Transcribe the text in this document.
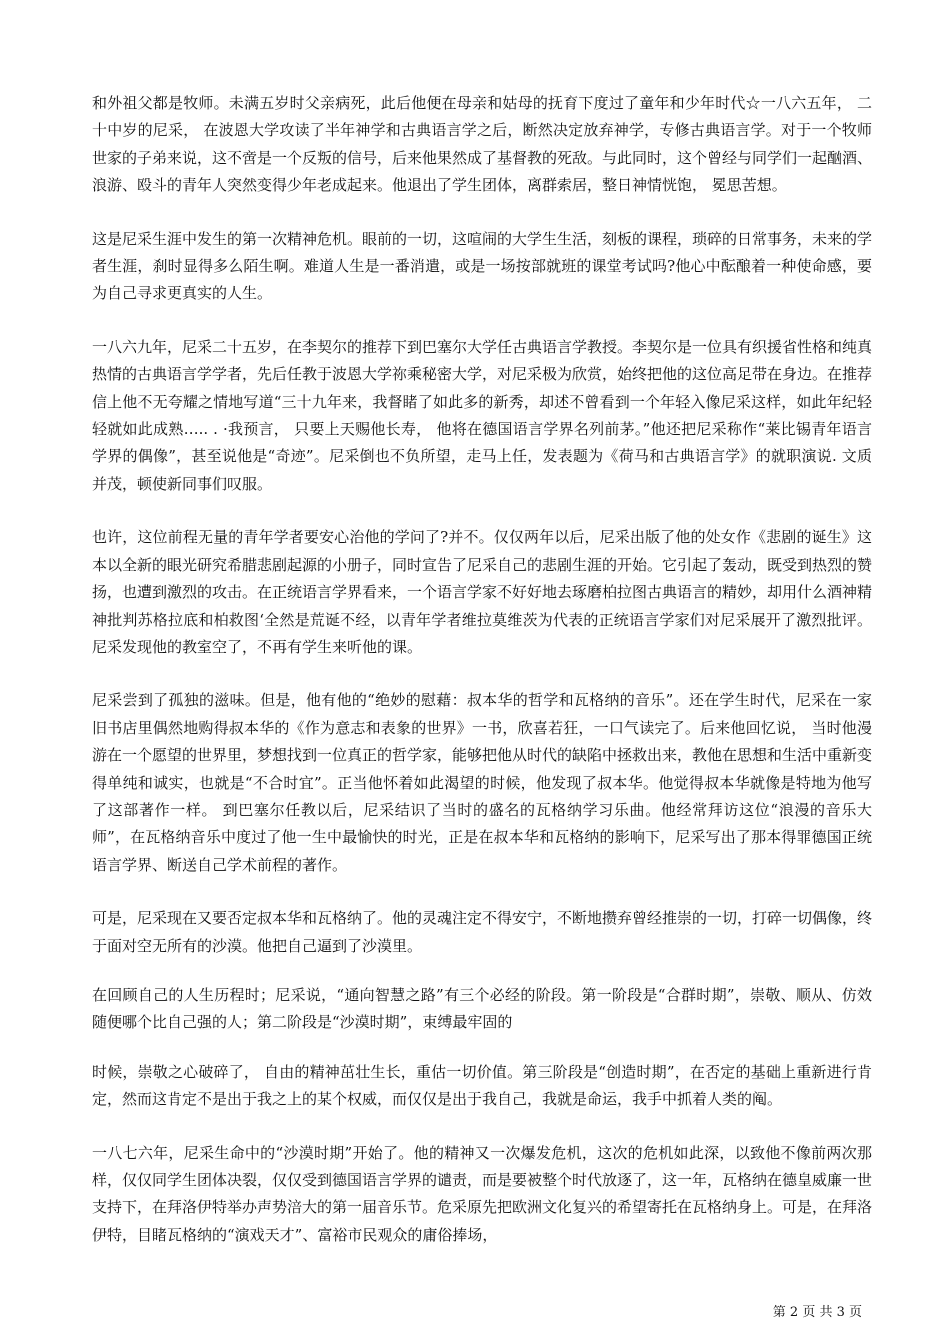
和外祖父都是牧师。未满五岁时父亲病死，此后他便在母亲和姑母的抚育下度过了童年和少年时代☆一八六五年， 二十中岁的尼采， 在波恩大学攻读了半年神学和古典语言学之后，断然决定放弃神学，专修古典语言学。对于一个牧师世家的子弟来说，这不啻是一个反叛的信号，后来他果然成了基督教的死敌。与此同时，这个曾经与同学们一起酗酒、浪游、殴斗的青年人突然变得少年老成起来。他退出了学生团体，离群索居，整日神情恍饱， 冕思苦想。

这是尼采生涯中发生的第一次精神危机。眼前的一切，这喧闹的大学生生活，刻板的课程，琐碎的日常事务，未来的学者生涯，刹时显得多么陌生啊。难道人生是一番消遣，或是一场按部就班的课堂考试吗?他心中酝酿着一种使命感，要为自己寻求更真实的人生。

一八六九年，尼采二十五岁，在李契尔的推荐下到巴塞尔大学任古典语言学教授。李契尔是一位具有织援省性格和纯真热情的古典语言学学者，先后任教于波恩大学祢乘秘密大学，对尼采极为欣赏，始终把他的这位高足带在身边。在推荐信上他不无夸耀之情地写道“三十九年来，我督睹了如此多的新秀，却述不曾看到一个年轻入像尼采这样，如此年纪轻轻就如此成熟….. . ·我预言， 只要上天赐他长寿， 他将在德国语言学界名列前茅。”他还把尼采称作“莱比锡青年语言学界的偶像”，甚至说他是“奇迹”。尼采倒也不负所望，走马上任，发表题为《荷马和古典语言学》的就职演说. 文质并茂，顿使新同事们叹服。

也许，这位前程无量的青年学者要安心治他的学问了?并不。仅仅两年以后，尼采出版了他的处女作《悲剧的诞生》这本以全新的眼光研究希腊悲剧起源的小册子，同时宣告了尼采自己的悲剧生涯的开始。它引起了轰动，既受到热烈的赞扬，也遭到激烈的攻击。在正统语言学界看来，一个语言学家不好好地去琢磨柏拉图古典语言的精妙，却用什么酒神精神批判苏格拉底和柏救图‘全然是荒诞不经，以青年学者维拉莫维茨为代表的正统语言学家们对尼采展开了激烈批评。尼采发现他的教室空了，不再有学生来听他的课。

尼采尝到了孤独的滋味。但是，他有他的“绝妙的慰藉：叔本华的哲学和瓦格纳的音乐”。还在学生时代，尼采在一家旧书店里偶然地购得叔本华的《作为意志和表象的世界》一书，欣喜若狂，一口气读完了。后来他回忆说， 当时他漫游在一个愿望的世界里，梦想找到一位真正的哲学家，能够把他从时代的缺陷中拯救出来，教他在思想和生活中重新变得单纯和诚实，也就是“不合时宜”。正当他怀着如此渴望的时候，他发现了叔本华。他觉得叔本华就像是特地为他写了这部著作一样。 到巴塞尔任教以后，尼采结识了当时的盛名的瓦格纳学习乐曲。他经常拜访这位“浪漫的音乐大师”，在瓦格纳音乐中度过了他一生中最愉快的时光，正是在叔本华和瓦格纳的影响下，尼采写出了那本得罪德国正统语言学界、断送自己学术前程的著作。

可是，尼采现在又要否定叔本华和瓦格纳了。他的灵魂注定不得安宁，不断地攒弃曾经推崇的一切，打碎一切偶像，终于面对空无所有的沙漠。他把自己逼到了沙漠里。

在回顾自己的人生历程时；尼采说，“通向智慧之路”有三个必经的阶段。第一阶段是“合群时期”，崇敬、顺从、仿效随便哪个比自己强的人；第二阶段是“沙漠时期”，束缚最牢固的

时候，崇敬之心破碎了， 自由的精神茁壮生长，重估一切价值。第三阶段是“创造时期”，在否定的基础上重新进行肯定，然而这肯定不是出于我之上的某个权威，而仅仅是出于我自己，我就是命运，我手中抓着人类的阄。

一八七六年，尼采生命中的“沙漠时期”开始了。他的精神又一次爆发危机，这次的危机如此深，以致他不像前两次那样，仅仅同学生团体决裂，仅仅受到德国语言学界的谴责，而是要被整个时代放逐了，这一年，瓦格纳在德皇威廉一世支持下，在拜洛伊特举办声势涪大的第一届音乐节。危采原先把欧洲文化复兴的希望寄托在瓦格纳身上。可是，在拜洛伊特，目睹瓦格纳的“演戏天才”、富裕市民观众的庸俗捧场，

第 2 页 共 3 页
